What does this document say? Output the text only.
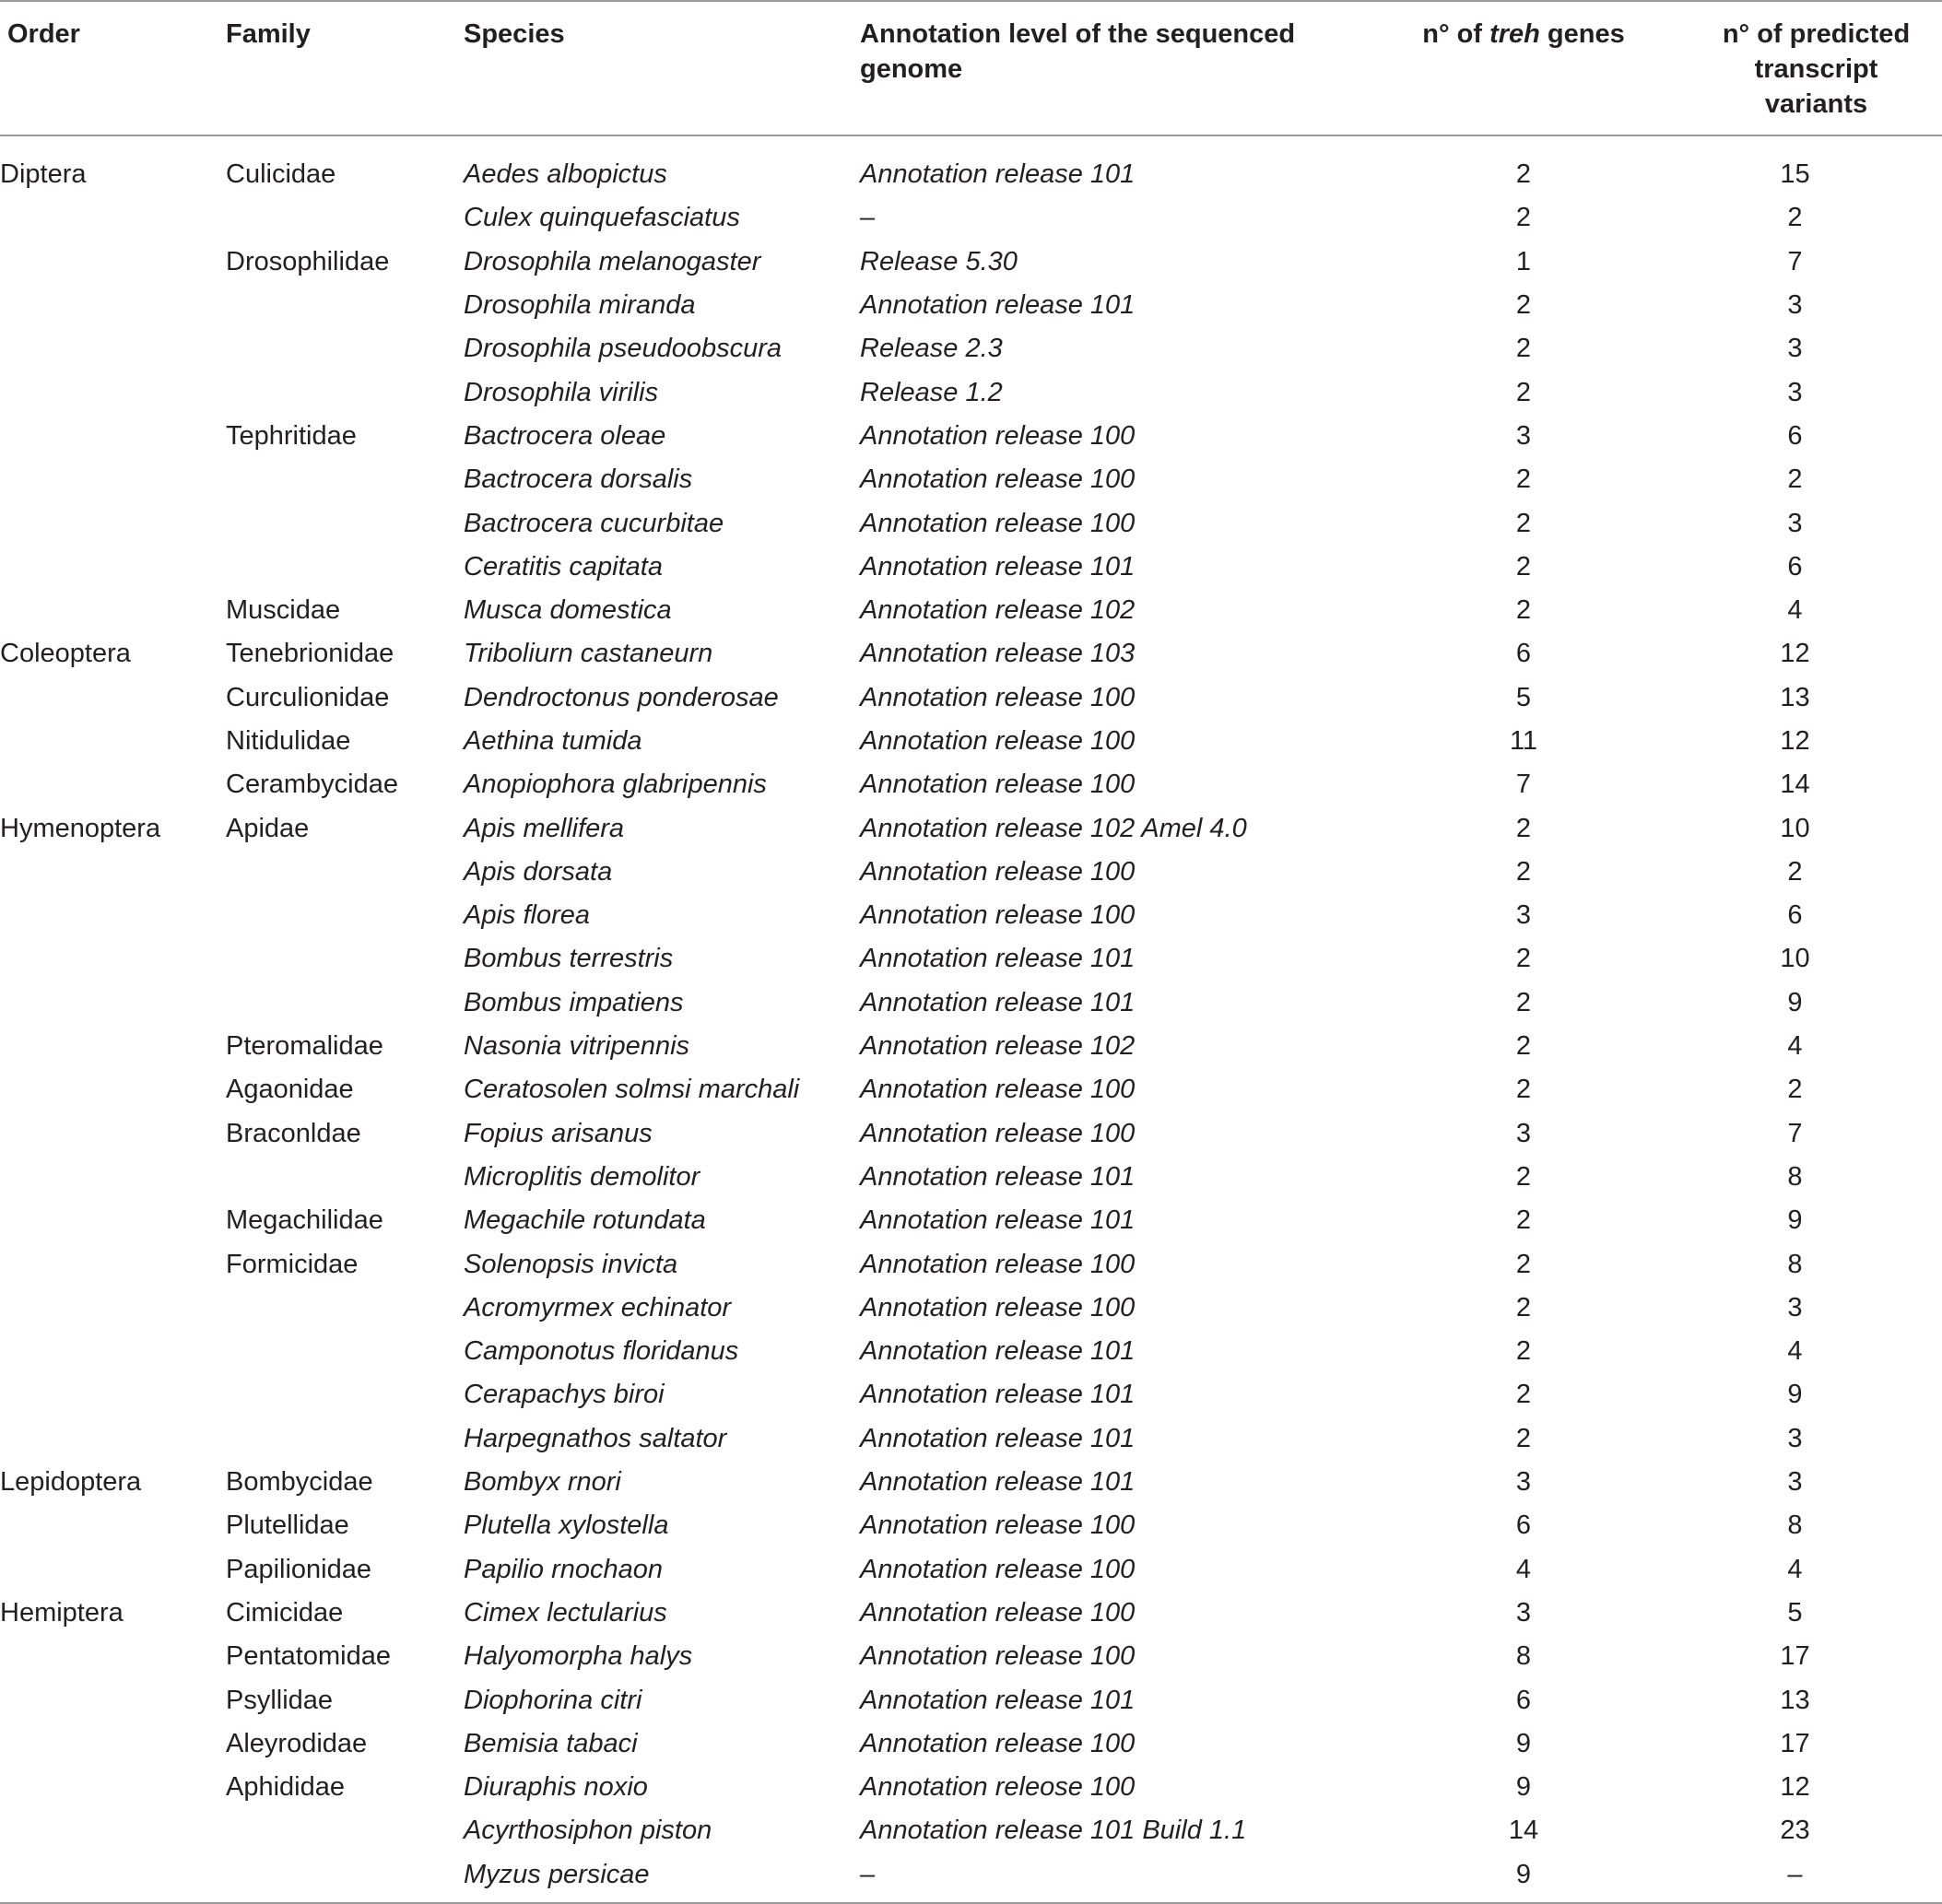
Order	Family	Species	Annotation level of the sequenced genome	n° of treh genes	n° of predicted transcript variants
Diptera	Culicidae	Aedes albopictus	Annotation release 101	2	15
		Culex quinquefasciatus	–	2	2
	Drosophilidae	Drosophila melanogaster	Release 5.30	1	7
		Drosophila miranda	Annotation release 101	2	3
		Drosophila pseudoobscura	Release 2.3	2	3
		Drosophila virilis	Release 1.2	2	3
	Tephritidae	Bactrocera oleae	Annotation release 100	3	6
		Bactrocera dorsalis	Annotation release 100	2	2
		Bactrocera cucurbitae	Annotation release 100	2	3
		Ceratitis capitata	Annotation release 101	2	6
	Muscidae	Musca domestica	Annotation release 102	2	4
Coleoptera	Tenebrionidae	Triboliurn castaneurn	Annotation release 103	6	12
	Curculionidae	Dendroctonus ponderosae	Annotation release 100	5	13
	Nitidulidae	Aethina tumida	Annotation release 100	11	12
	Cerambycidae	Anopiophora glabripennis	Annotation release 100	7	14
Hymenoptera	Apidae	Apis mellifera	Annotation release 102 Amel 4.0	2	10
		Apis dorsata	Annotation release 100	2	2
		Apis florea	Annotation release 100	3	6
		Bombus terrestris	Annotation release 101	2	10
		Bombus impatiens	Annotation release 101	2	9
	Pteromalidae	Nasonia vitripennis	Annotation release 102	2	4
	Agaonidae	Ceratosolen solmsi marchali	Annotation release 100	2	2
	Braconldae	Fopius arisanus	Annotation release 100	3	7
		Microplitis demolitor	Annotation release 101	2	8
	Megachilidae	Megachile rotundata	Annotation release 101	2	9
	Formicidae	Solenopsis invicta	Annotation release 100	2	8
		Acromyrmex echinator	Annotation release 100	2	3
		Camponotus floridanus	Annotation release 101	2	4
		Cerapachys biroi	Annotation release 101	2	9
		Harpegnathos saltator	Annotation release 101	2	3
Lepidoptera	Bombycidae	Bombyx rnori	Annotation release 101	3	3
	Plutellidae	Plutella xylostella	Annotation release 100	6	8
	Papilionidae	Papilio rnochaon	Annotation release 100	4	4
Hemiptera	Cimicidae	Cimex lectularius	Annotation release 100	3	5
	Pentatomidae	Halyomorpha halys	Annotation release 100	8	17
	Psyllidae	Diophorina citri	Annotation release 101	6	13
	Aleyrodidae	Bemisia tabaci	Annotation release 100	9	17
	Aphididae	Diuraphis noxio	Annotation releose 100	9	12
		Acyrthosiphon piston	Annotation release 101 Build 1.1	14	23
		Myzus persicae	–	9	–
